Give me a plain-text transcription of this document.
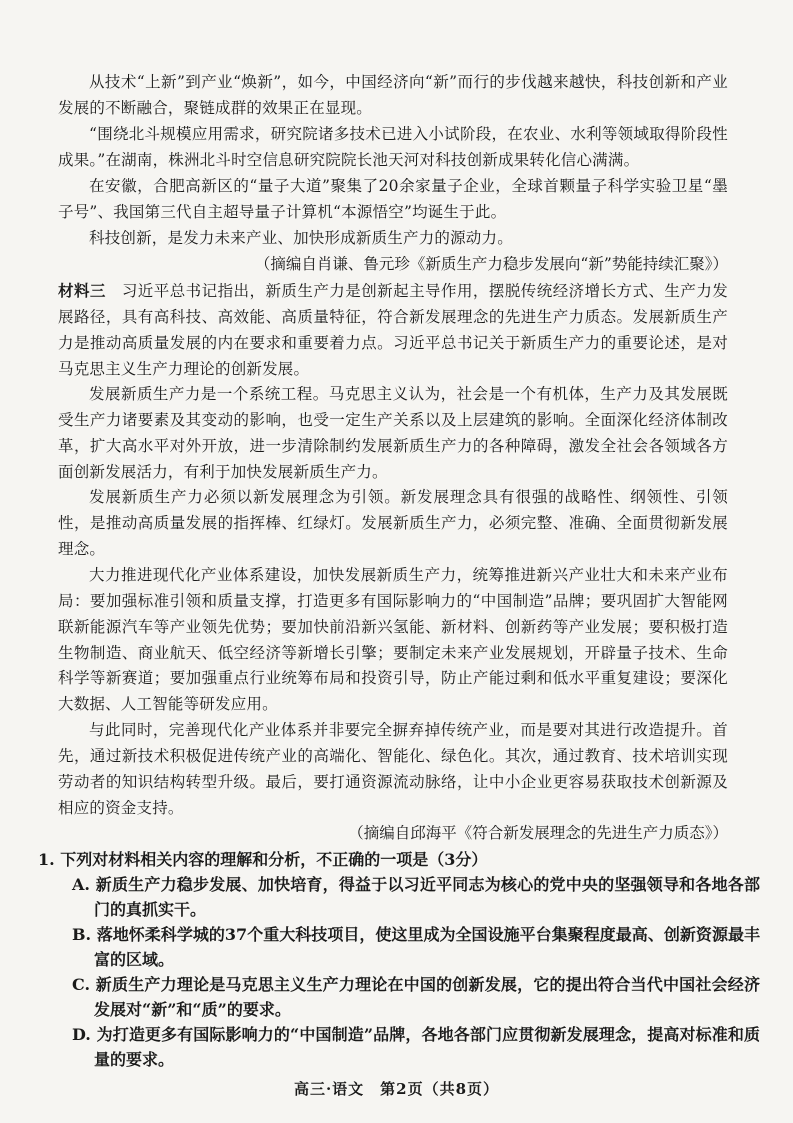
从技术“上新”到产业“焕新”，如今，中国经济向“新”而行的步伐越来越快，科技创新和产业发展的不断融合，聚链成群的效果正在显现。

“围绕北斗规模应用需求，研究院诸多技术已进入小试阶段，在农业、水利等领域取得阶段性成果。”在湖南，株洲北斗时空信息研究院院长池天河对科技创新成果转化信心满满。

在安徽，合肥高新区的“量子大道”聚集了20余家量子企业，全球首颗量子科学实验卫星“墨子号”、我国第三代自主超导量子计算机“本源悟空”均诞生于此。

科技创新，是发力未来产业、加快形成新质生产力的源动力。

（摘编自肖谦、鲁元珍《新质生产力稳步发展向“新”势能持续汇聚》）

材料三　 习近平总书记指出，新质生产力是创新起主导作用，摆脱传统经济增长方式、生产力发展路径，具有高科技、高效能、高质量特征，符合新发展理念的先进生产力质态。发展新质生产力是推动高质量发展的内在要求和重要着力点。习近平总书记关于新质生产力的重要论述，是对马克思主义生产力理论的创新发展。

发展新质生产力是一个系统工程。马克思主义认为，社会是一个有机体，生产力及其发展既受生产力诸要素及其变动的影响，也受一定生产关系以及上层建筑的影响。全面深化经济体制改革，扩大高水平对外开放，进一步清除制约发展新质生产力的各种障碍，激发全社会各领域各方面创新发展活力，有利于加快发展新质生产力。

发展新质生产力必须以新发展理念为引领。新发展理念具有很强的战略性、纲领性、引领性，是推动高质量发展的指挥棒、红绿灯。发展新质生产力，必须完整、准确、全面贯彻新发展理念。

大力推进现代化产业体系建设，加快发展新质生产力，统筹推进新兴产业壮大和未来产业布局：要加强标准引领和质量支撑，打造更多有国际影响力的“中国制造”品牌；要巩固扩大智能网联新能源汽车等产业领先优势；要加快前沿新兴氢能、新材料、创新药等产业发展；要积极打造生物制造、商业航天、低空经济等新增长引擎；要制定未来产业发展规划，开辟量子技术、生命科学等新赛道；要加强重点行业统筹布局和投资引导，防止产能过剩和低水平重复建设；要深化大数据、人工智能等研发应用。

与此同时，完善现代化产业体系并非要完全摒弃掉传统产业，而是要对其进行改造提升。首先，通过新技术积极促进传统产业的高端化、智能化、绿色化。其次，通过教育、技术培训实现劳动者的知识结构转型升级。最后，要打通资源流动脉络，让中小企业更容易获取技术创新源及相应的资金支持。

（摘编自邱海平《符合新发展理念的先进生产力质态》）

1. 下列对材料相关内容的理解和分析，不正确的一项是（3分）

A. 新质生产力稳步发展、加快培育，得益于以习近平同志为核心的党中央的坚强领导和各地各部门的真抓实干。

B. 落地怀柔科学城的37个重大科技项目，使这里成为全国设施平台集聚程度最高、创新资源最丰富的区域。

C. 新质生产力理论是马克思主义生产力理论在中国的创新发展，它的提出符合当代中国社会经济发展对“新”和“质”的要求。

D. 为打造更多有国际影响力的“中国制造”品牌，各地各部门应贯彻新发展理念，提高对标准和质量的要求。

高三·语文　第2页（共8页）
